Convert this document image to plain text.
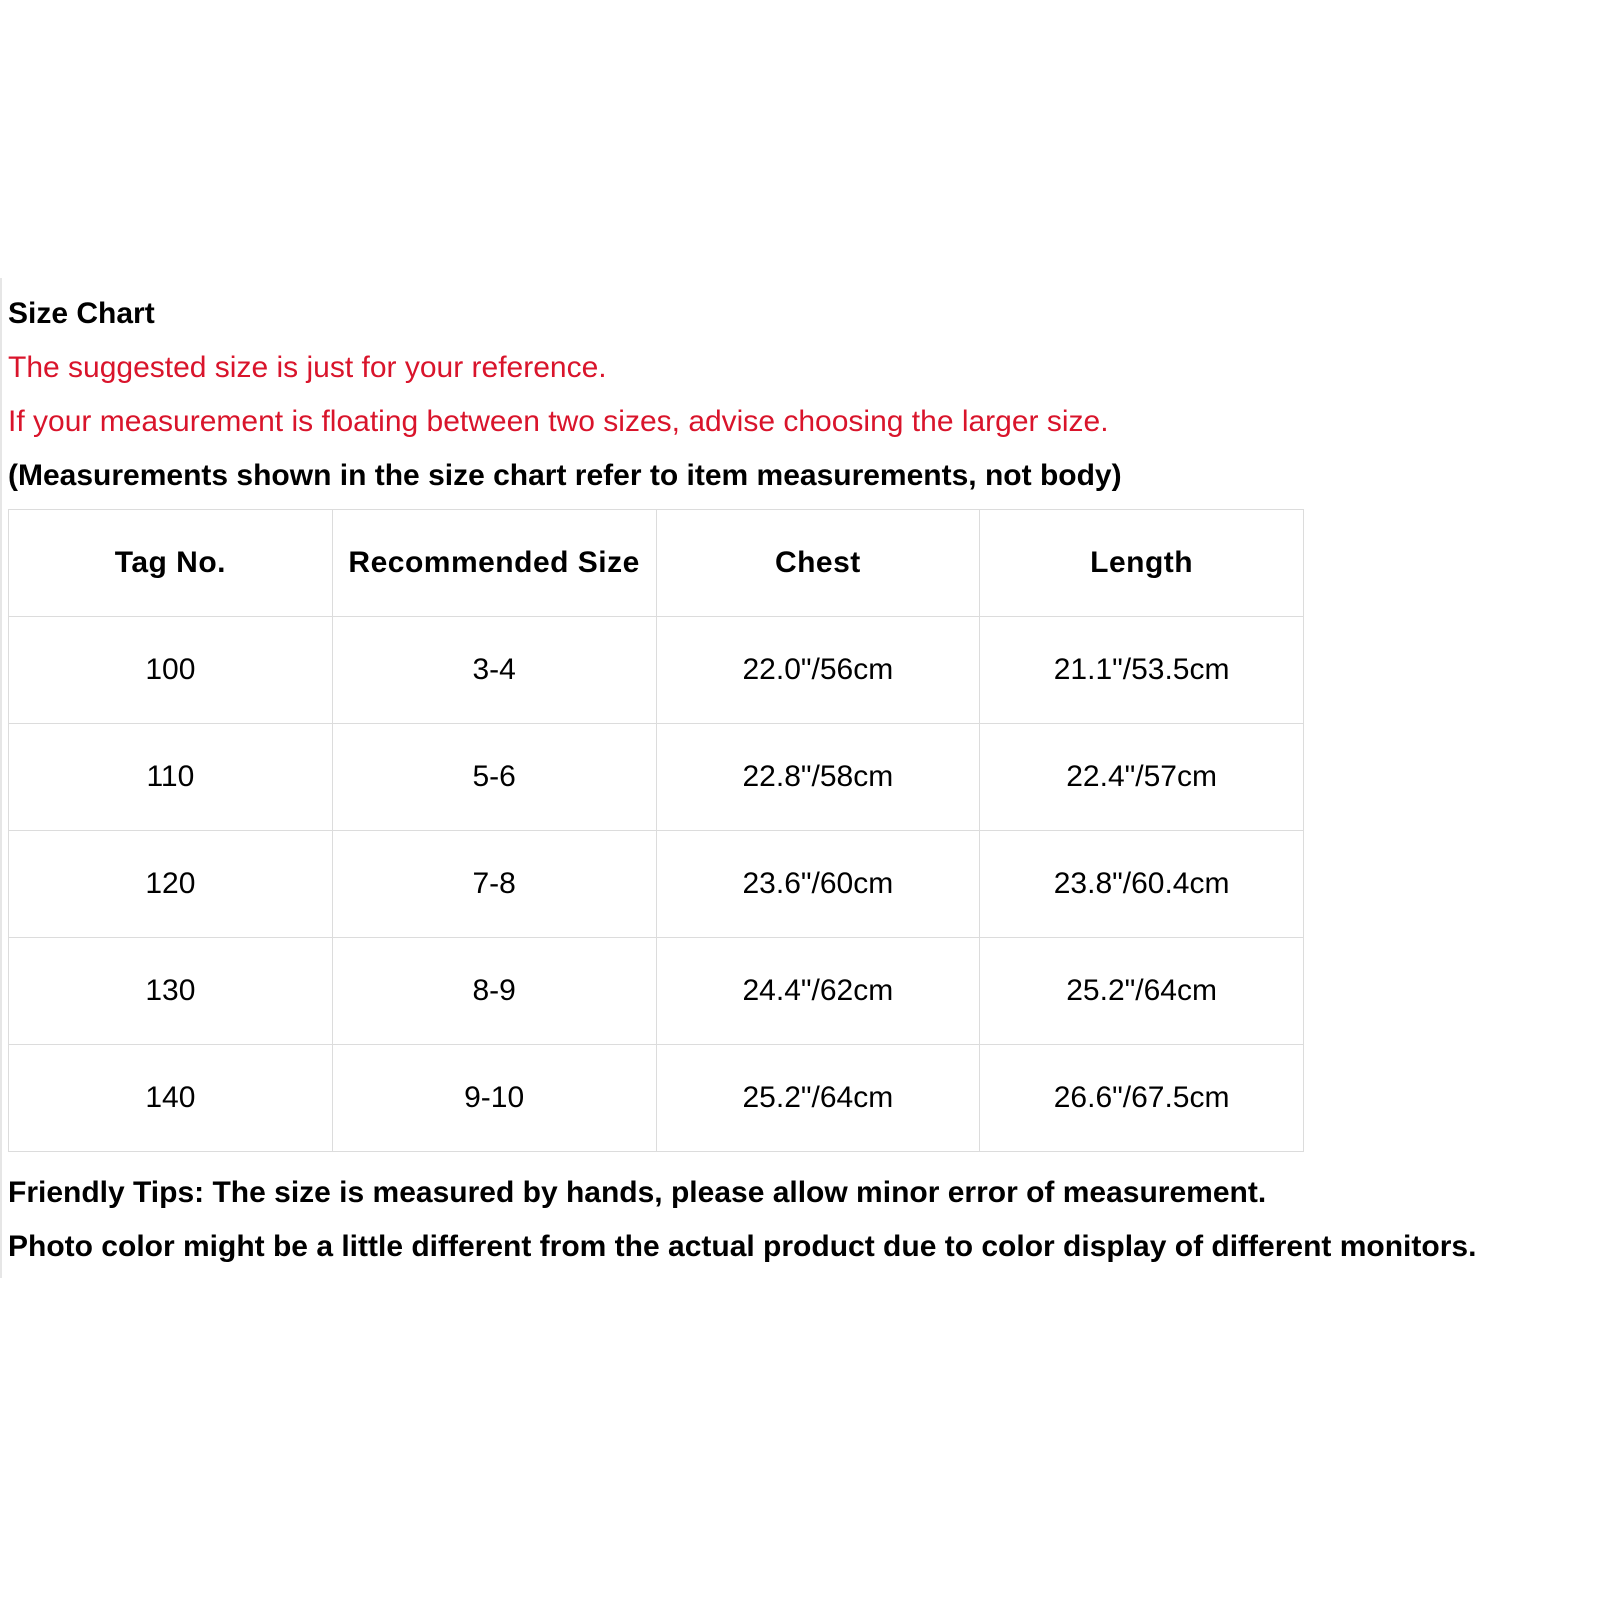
Size Chart
The suggested size is just for your reference.
If your measurement is floating between two sizes, advise choosing the larger size.
(Measurements shown in the size chart refer to item measurements, not body)
Tag No.	Recommended Size	Chest	Length
100	3-4	22.0"/56cm	21.1"/53.5cm
110	5-6	22.8"/58cm	22.4"/57cm
120	7-8	23.6"/60cm	23.8"/60.4cm
130	8-9	24.4"/62cm	25.2"/64cm
140	9-10	25.2"/64cm	26.6"/67.5cm
Friendly Tips: The size is measured by hands, please allow minor error of measurement.
Photo color might be a little different from the actual product due to color display of different monitors.
